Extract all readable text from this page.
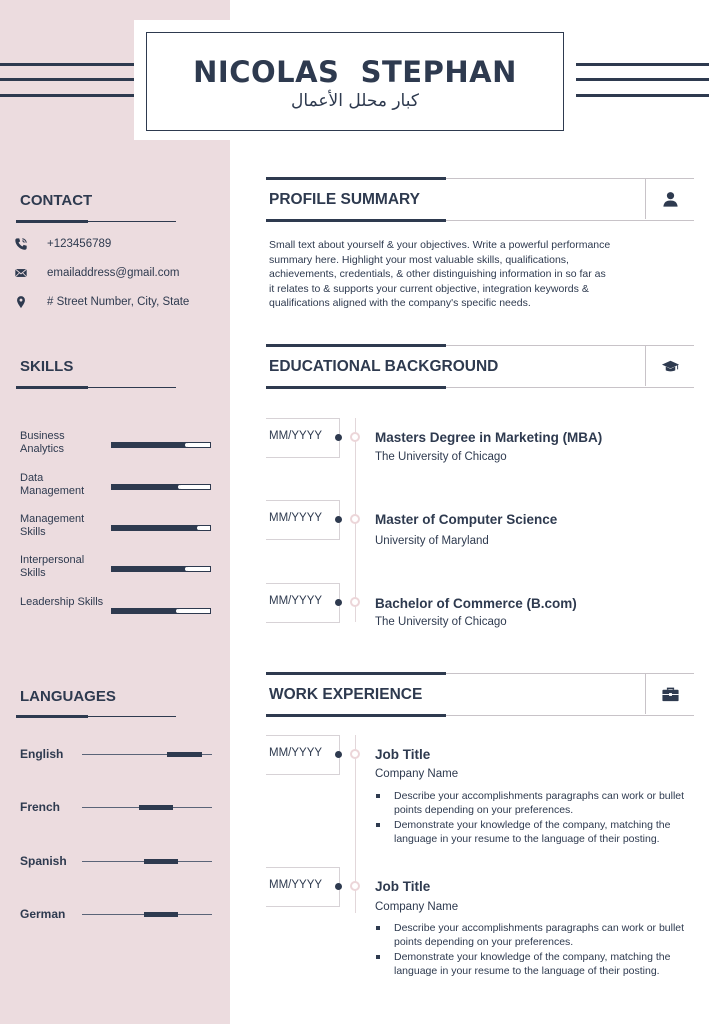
NICOLAS  STEPHAN
كبار محلل الأعمال
CONTACT
+123456789
emailaddress@gmail.com
# Street Number, City, State
SKILLS
Business Analytics
Data Management
Management Skills
Interpersonal Skills
Leadership Skills
LANGUAGES
English
French
Spanish
German
PROFILE SUMMARY
Small text about yourself & your objectives. Write a powerful performance
summary here. Highlight your most valuable skills, qualifications,
achievements, credentials, & other distinguishing information in so far as
it relates to & supports your current objective, integration keywords &
qualifications aligned with the company's specific needs.
EDUCATIONAL BACKGROUND
MM/YYYY	Masters Degree in Marketing (MBA)
The University of Chicago
MM/YYYY	Master of Computer Science
University of Maryland
MM/YYYY	Bachelor of Commerce (B.com)
The University of Chicago
WORK EXPERIENCE
MM/YYYY	Job Title
Company Name
Describe your accomplishments paragraphs can work or bullet points depending on your preferences.
Demonstrate your knowledge of the company, matching the language in your resume to the language of their posting.
MM/YYYY	Job Title
Company Name
Describe your accomplishments paragraphs can work or bullet points depending on your preferences.
Demonstrate your knowledge of the company, matching the language in your resume to the language of their posting.
